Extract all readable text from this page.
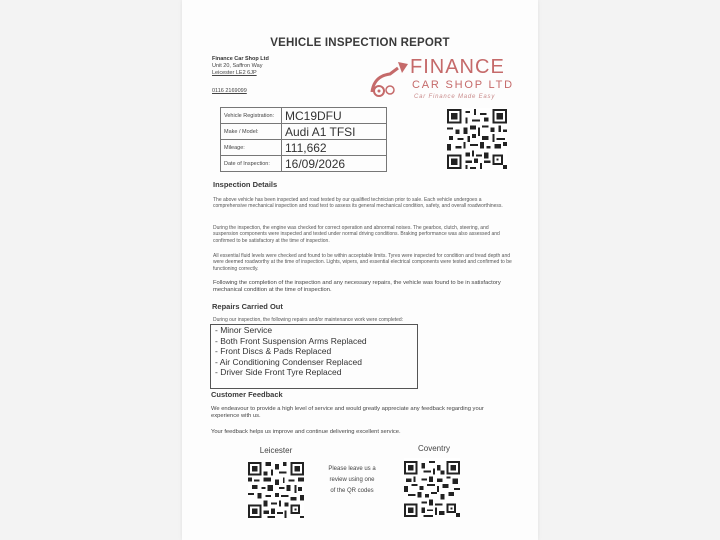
VEHICLE INSPECTION REPORT
Finance Car Shop Ltd
Unit 20, Saffron Way
Leicester LE2 6JP
0116 2169099
FINANCE
CAR SHOP LTD
Car Finance Made Easy
Vehicle Registration:	MC19DFU
Make / Model:	Audi A1 TFSI
Mileage:	111,662
Date of Inspection:	16/09/2026
Inspection Details
The above vehicle has been inspected and road tested by our qualified technician prior to sale. Each vehicle undergoes a comprehensive mechanical inspection and road test to assess its general mechanical condition, safety, and overall roadworthiness.
During the inspection, the engine was checked for correct operation and abnormal noises. The gearbox, clutch, steering, and suspension components were inspected and tested under normal driving conditions. Braking performance was also assessed and confirmed to be satisfactory at the time of inspection.
All essential fluid levels were checked and found to be within acceptable limits. Tyres were inspected for condition and tread depth and were deemed roadworthy at the time of inspection. Lights, wipers, and essential electrical components were tested and confirmed to be functioning correctly.
Following the completion of the inspection and any necessary repairs, the vehicle was found to be in satisfactory mechanical condition at the time of inspection.
Repairs Carried Out
During our inspection, the following repairs and/or maintenance work were completed:
- Minor Service
- Both Front Suspension Arms Replaced
- Front Discs & Pads Replaced
- Air Conditioning Condenser Replaced
- Driver Side Front Tyre Replaced
Customer Feedback
We endeavour to provide a high level of service and would greatly appreciate any feedback regarding your experience with us.
Your feedback helps us improve and continue delivering excellent service.
Leicester	Coventry
Please leave us a
review using one
of the QR codes
